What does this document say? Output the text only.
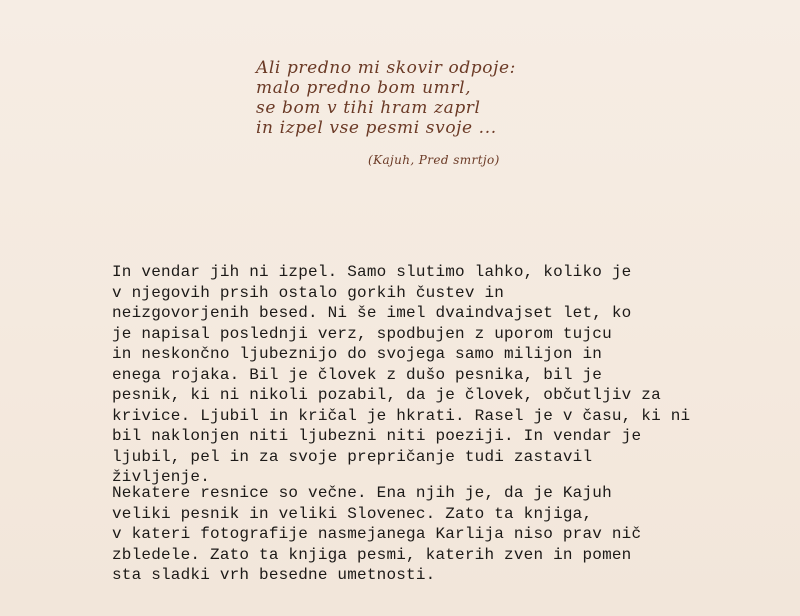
Ali predno mi skovir odpoje:
malo predno bom umrl,
se bom v tihi hram zaprl
in izpel vse pesmi svoje ...
(Kajuh, Pred smrtjo)
In vendar jih ni izpel. Samo slutimo lahko, koliko je
v njegovih prsih ostalo gorkih čustev in
neizgovorjenih besed. Ni še imel dvaindvajset let, ko
je napisal poslednji verz, spodbujen z uporom tujcu
in neskončno ljubeznijo do svojega samo milijon in
enega rojaka. Bil je človek z dušo pesnika, bil je
pesnik, ki ni nikoli pozabil, da je človek, občutljiv za
krivice. Ljubil in kričal je hkrati. Rasel je v času, ki ni
bil naklonjen niti ljubezni niti poeziji. In vendar je
ljubil, pel in za svoje prepričanje tudi zastavil
življenje.
Nekatere resnice so večne. Ena njih je, da je Kajuh
veliki pesnik in veliki Slovenec. Zato ta knjiga,
v kateri fotografije nasmejanega Karlija niso prav nič
zbledele. Zato ta knjiga pesmi, katerih zven in pomen
sta sladki vrh besedne umetnosti.
